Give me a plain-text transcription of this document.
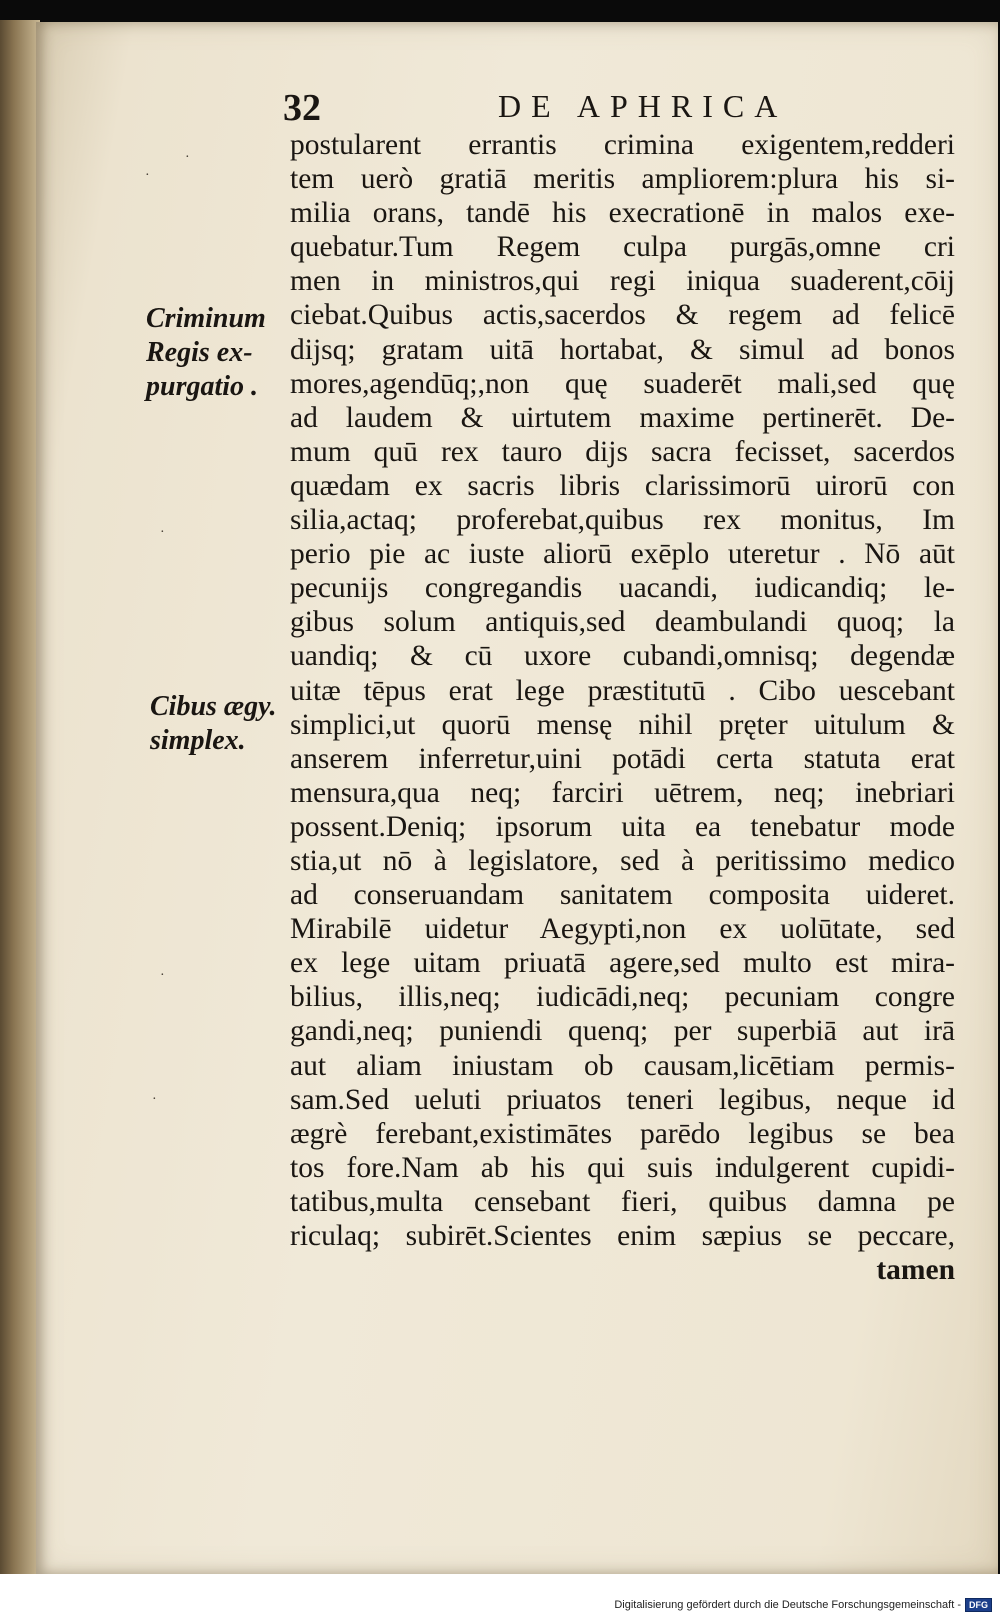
32	DE APHRICA
Criminum
Regis ex-
purgatio .
Cibus ægy.
simplex.
·
·
·
·
·
postularent errantis crimina exigentem,redderi
tem uerò gratiā meritis ampliorem:plura his si-
milia orans, tandē his execrationē in malos exe-
quebatur.Tum Regem culpa purgās,omne cri
men in ministros,qui regi iniqua suaderent,cōij
ciebat.Quibus actis,sacerdos & regem ad felicē
dijsq; gratam uitā hortabat, & simul ad bonos
mores,agendūq;,non quę suaderēt mali,sed quę
ad laudem & uirtutem maxime pertinerēt. De-
mum quū rex tauro dijs sacra fecisset, sacerdos
quædam ex sacris libris clarissimorū uirorū con
silia,actaq; proferebat,quibus rex monitus, Im
perio pie ac iuste aliorū exēplo uteretur . Nō aūt
pecunijs congregandis uacandi, iudicandiq; le-
gibus solum antiquis,sed deambulandi quoq; la
uandiq; & cū uxore cubandi,omnisq; degendæ
uitæ tēpus erat lege præstitutū . Cibo uescebant
simplici,ut quorū mensę nihil pręter uitulum &
anserem inferretur,uini potādi certa statuta erat
mensura,qua neq; farciri uētrem, neq; inebriari
possent.Deniq; ipsorum uita ea tenebatur mode
stia,ut nō à legislatore, sed à peritissimo medico
ad conseruandam sanitatem composita uideret.
Mirabilē uidetur Aegypti,non ex uolūtate, sed
ex lege uitam priuatā agere,sed multo est mira-
bilius, illis,neq; iudicādi,neq; pecuniam congre
gandi,neq; puniendi quenq; per superbiā aut irā
aut aliam iniustam ob causam,licētiam permis-
sam.Sed ueluti priuatos teneri legibus, neque id
ægrè ferebant,existimātes parēdo legibus se bea
tos fore.Nam ab his qui suis indulgerent cupidi-
tatibus,multa censebant fieri, quibus damna pe
riculaq; subirēt.Scientes enim sæpius se peccare,
tamen
Digitalisierung gefördert durch die Deutsche Forschungsgemeinschaft - DFG
